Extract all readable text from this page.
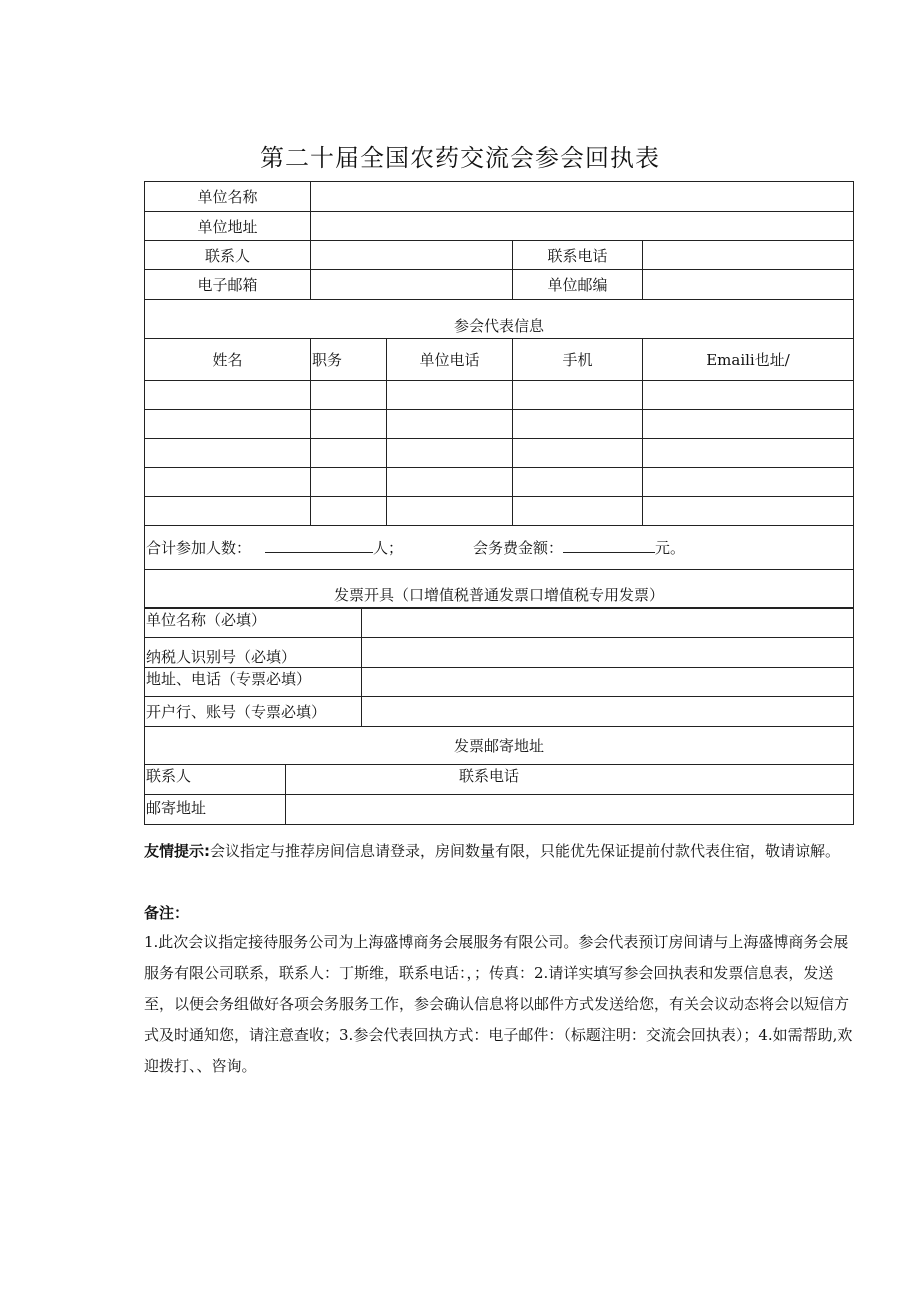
第二十届全国农药交流会参会回执表
单位名称				
单位地址				
联系人			联系电话	
电子邮箱			单位邮编	
参会代表信息				
姓名	职务	单位电话	手机	Emaili也址/

合计参加人数： 人； 会务费金额： 元。				
发票开具（口增值税普通发票口增值税专用发票）				
单位名称（必填）	
纳税人识别号（必填）	
地址、电话（专票必填）	
开户行、账号（专票必填）	
发票邮寄地址	
联系人	联系电话
邮寄地址	
友情提示:会议指定与推荐房间信息请登录，房间数量有限，只能优先保证提前付款代表住宿，敬请谅解。
备注：
1.此次会议指定接待服务公司为上海盛博商务会展服务有限公司。参会代表预订房间请与上海盛博商务会展服务有限公司联系，联系人：丁斯维，联系电话：，；传真：2.请详实填写参会回执表和发票信息表，发送至，以便会务组做好各项会务服务工作，参会确认信息将以邮件方式发送给您，有关会议动态将会以短信方式及时通知您，请注意查收；3.参会代表回执方式：电子邮件：（标题注明：交流会回执表）；4.如需帮助,欢迎拨打、、咨询。
